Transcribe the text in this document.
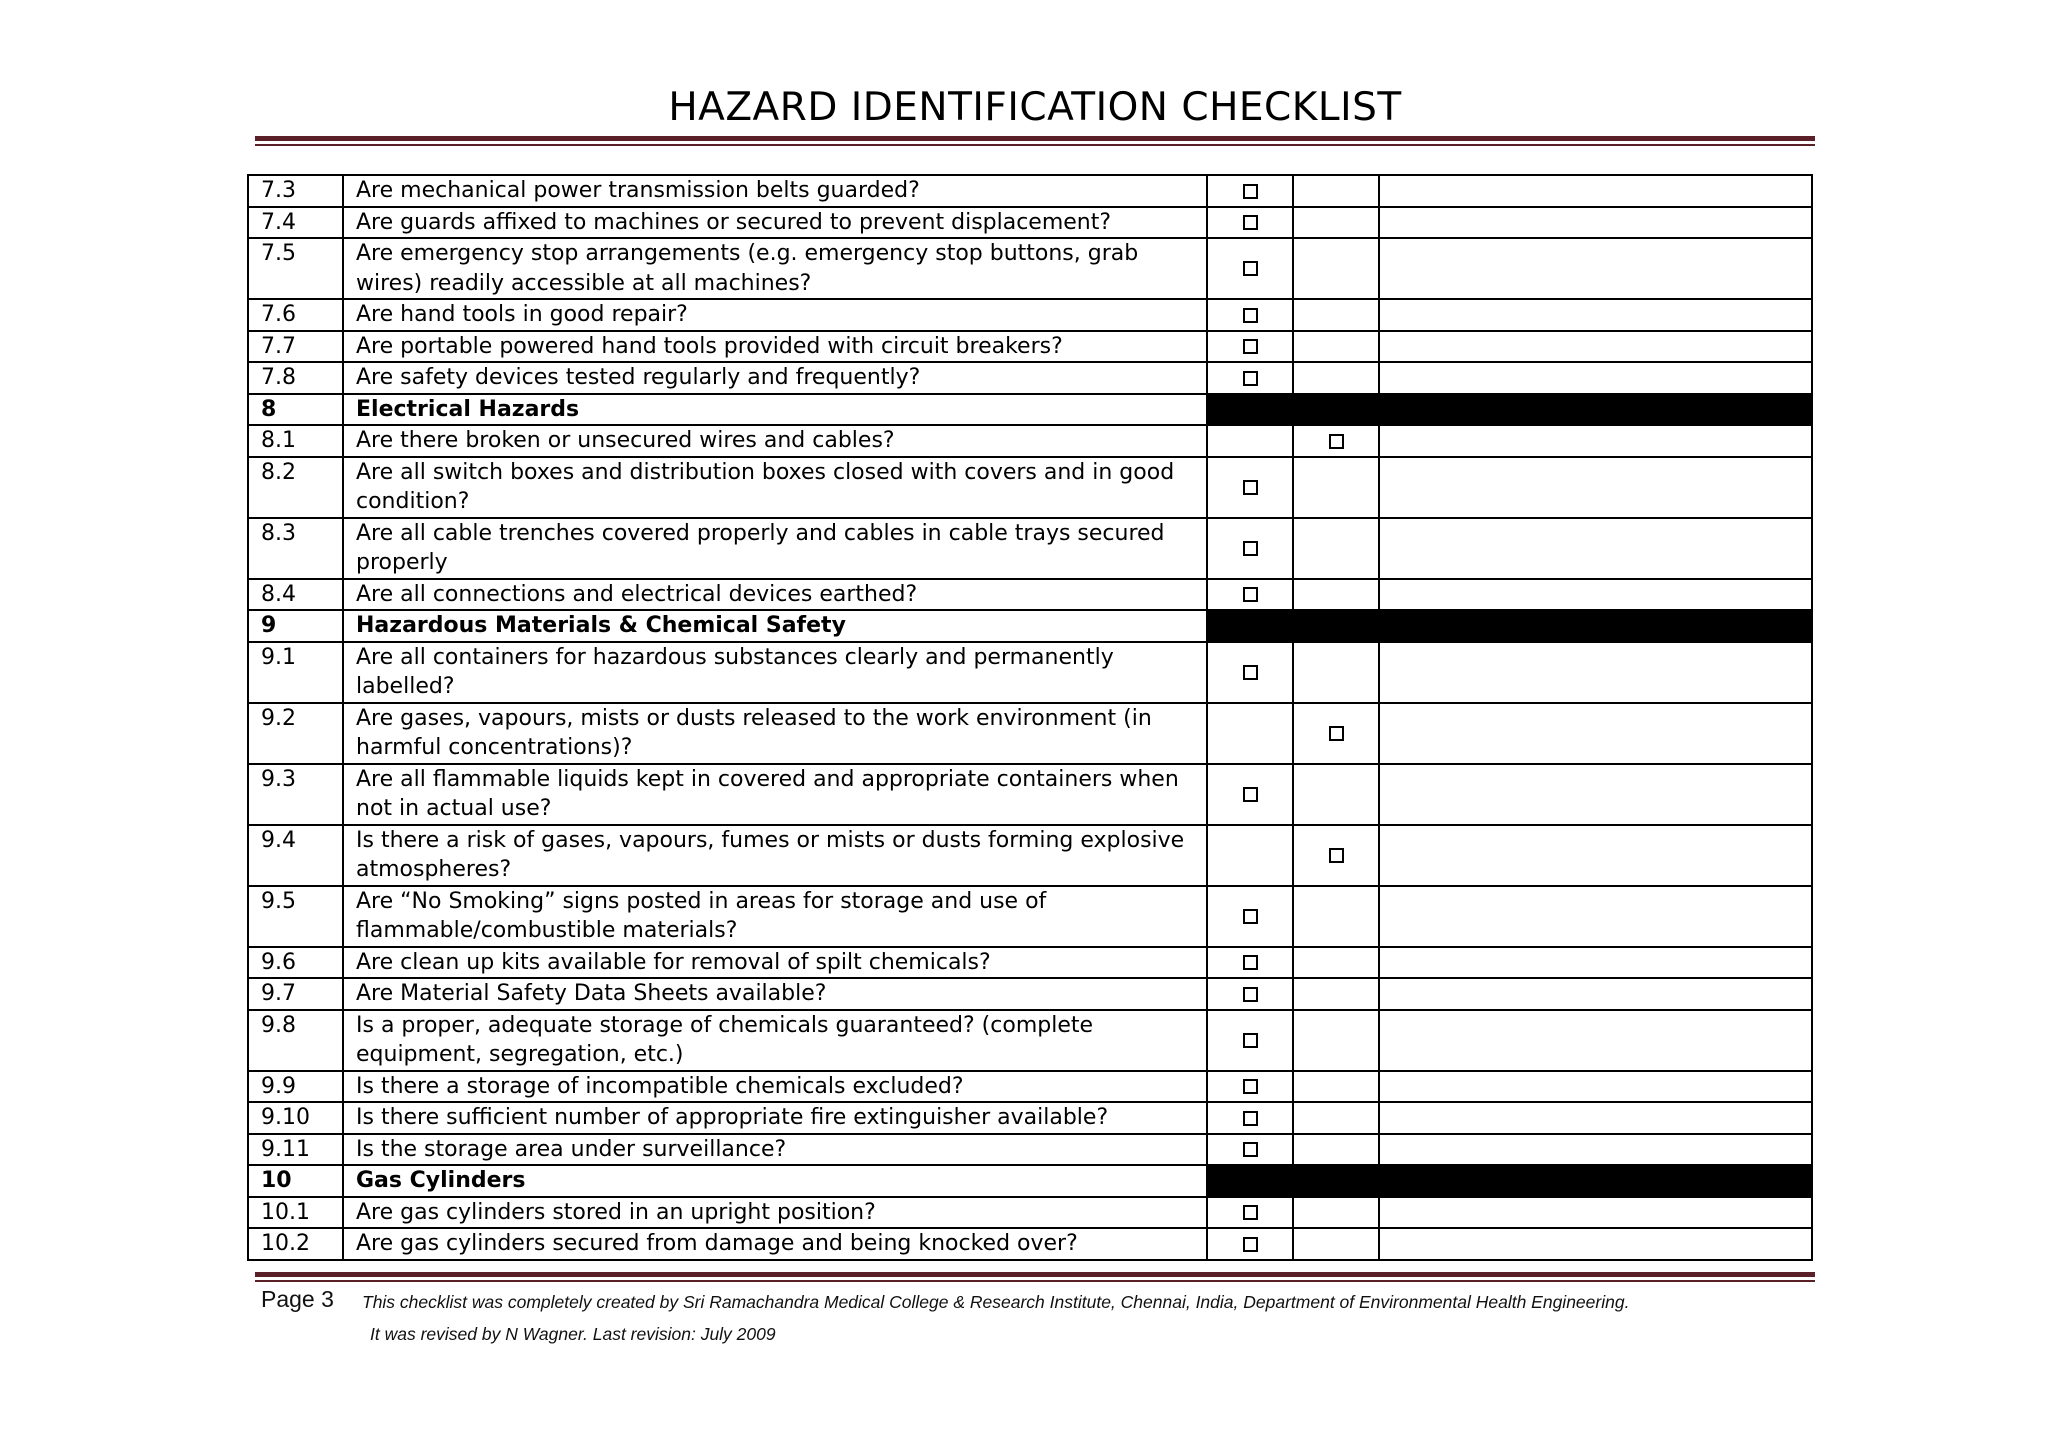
HAZARD IDENTIFICATION CHECKLIST
7.3	Are mechanical power transmission belts guarded?			
7.4	Are guards affixed to machines or secured to prevent displacement?			
7.5	Are emergency stop arrangements (e.g. emergency stop buttons, grab wires) readily accessible at all machines?			
7.6	Are hand tools in good repair?			
7.7	Are portable powered hand tools provided with circuit breakers?			
7.8	Are safety devices tested regularly and frequently?			
8	Electrical Hazards			
8.1	Are there broken or unsecured wires and cables?			
8.2	Are all switch boxes and distribution boxes closed with covers and in good condition?			
8.3	Are all cable trenches covered properly and cables in cable trays secured properly			
8.4	Are all connections and electrical devices earthed?			
9	Hazardous Materials & Chemical Safety			
9.1	Are all containers for hazardous substances clearly and permanently labelled?			
9.2	Are gases, vapours, mists or dusts released to the work environment (in harmful concentrations)?			
9.3	Are all flammable liquids kept in covered and appropriate containers when not in actual use?			
9.4	Is there a risk of gases, vapours, fumes or mists or dusts forming explosive atmospheres?			
9.5	Are “No Smoking” signs posted in areas for storage and use of flammable/combustible materials?			
9.6	Are clean up kits available for removal of spilt chemicals?			
9.7	Are Material Safety Data Sheets available?			
9.8	Is a proper, adequate storage of chemicals guaranteed? (complete equipment, segregation, etc.)			
9.9	Is there a storage of incompatible chemicals excluded?			
9.10	Is there sufficient number of appropriate fire extinguisher available?			
9.11	Is the storage area under surveillance?			
10	Gas Cylinders			
10.1	Are gas cylinders stored in an upright position?			
10.2	Are gas cylinders secured from damage and being knocked over?			
Page 3 This checklist was completely created by Sri Ramachandra Medical College & Research Institute, Chennai, India, Department of Environmental Health Engineering.
It was revised by N Wagner. Last revision: July 2009
